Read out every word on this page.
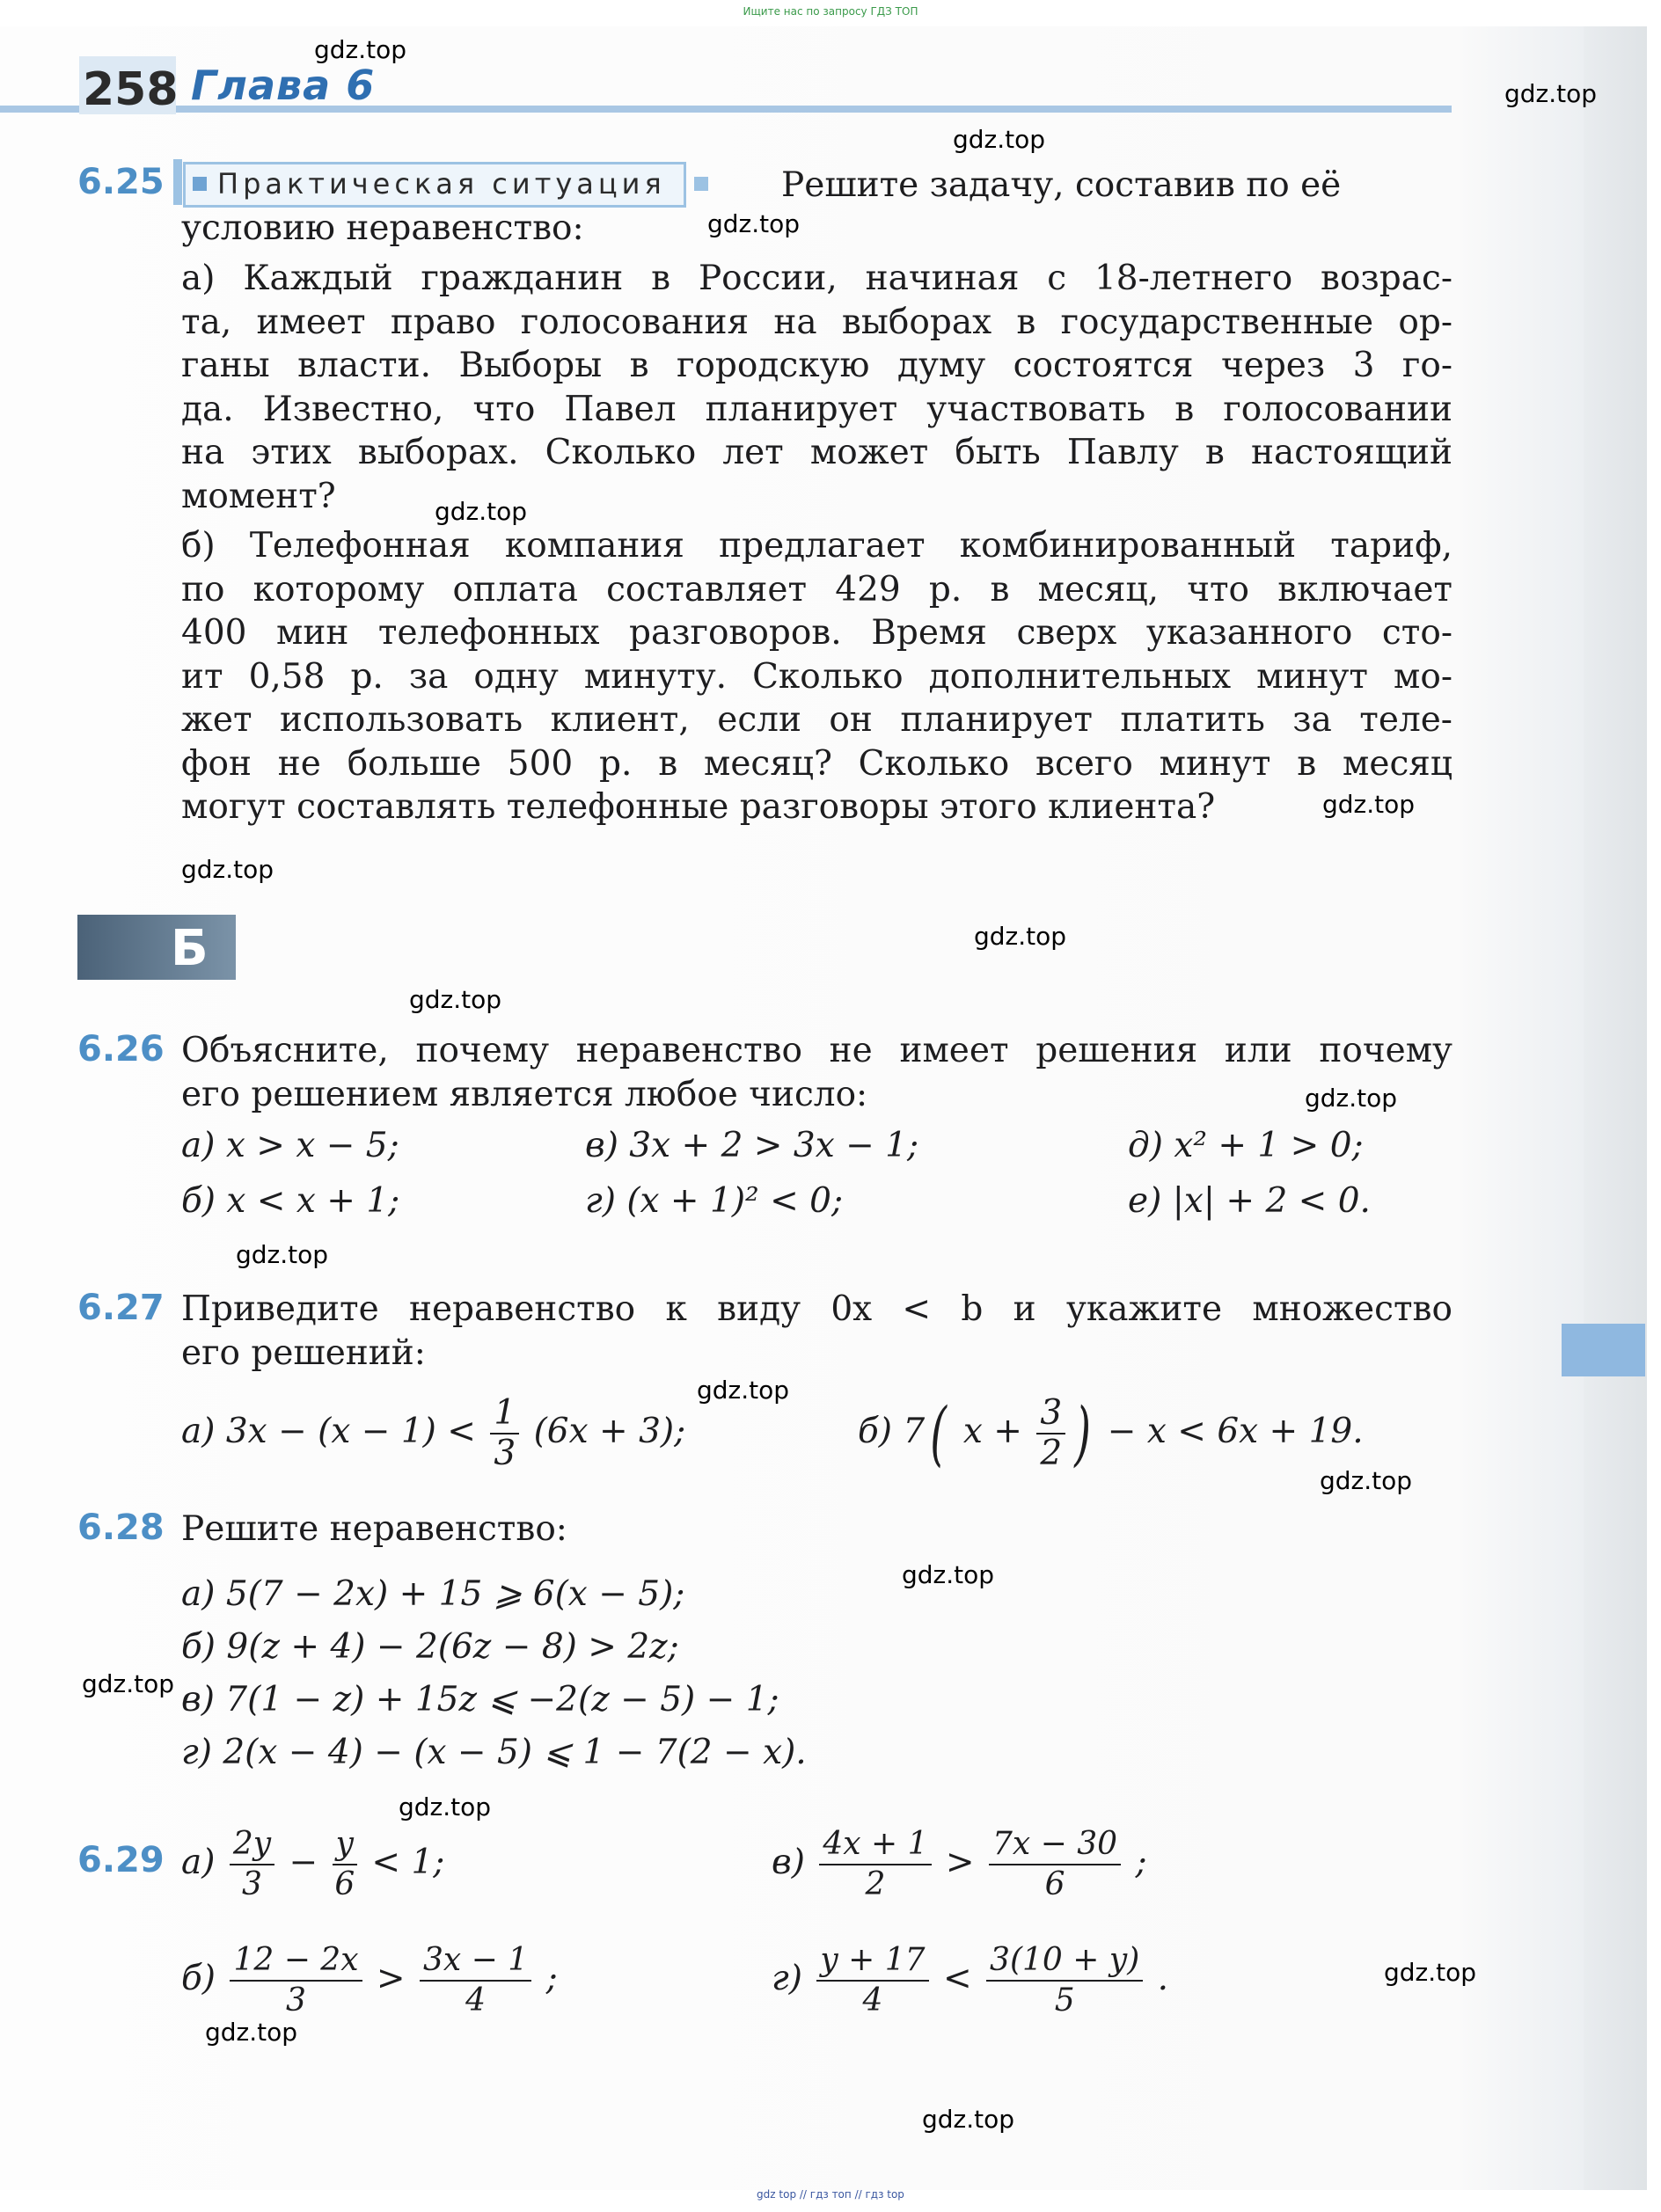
Ищите нас по запросу ГДЗ ТОП
258 Глава 6
gdz.top
gdz.top
gdz.top
gdz.top
gdz.top
gdz.top
gdz.top
gdz.top
gdz.top
gdz.top
gdz.top
gdz.top
gdz.top
gdz.top
gdz.top
gdz.top
gdz.top
gdz.top
gdz.top
6.25	Практическая ситуация	Решите задачу, составив по её
условию неравенство:
а) Каждый гражданин в России, начиная с 18-летнего возрас-
та, имеет право голосования на выборах в государственные ор-
ганы власти. Выборы в городскую думу состоятся через 3 го-
да. Известно, что Павел планирует участвовать в голосовании
на этих выборах. Сколько лет может быть Павлу в настоящий
момент?
б) Телефонная компания предлагает комбинированный тариф,
по которому оплата составляет 429 р. в месяц, что включает
400 мин телефонных разговоров. Время сверх указанного сто-
ит 0,58 р. за одну минуту. Сколько дополнительных минут мо-
жет использовать клиент, если он планирует платить за теле-
фон не больше 500 р. в месяц? Сколько всего минут в месяц
могут составлять телефонные разговоры этого клиента?
Б
6.26 Объясните, почему неравенство не имеет решения или почему
его решением является любое число:
а) x > x − 5;	в) 3x + 2 > 3x − 1;	д) x² + 1 > 0;
б) x < x + 1;	г) (x + 1)² < 0;	е) |x| + 2 < 0.
6.27 Приведите неравенство к виду 0x < b и укажите множество
его решений:
а) $3x - (x - 1) < \frac{1}{3} (6x + 3)$;	б) 7( $x + \frac{3}{2}$ ) − x < 6x + 19.
6.28 Решите неравенство:
а) 5(7 − 2x) + 15 ⩾ 6(x − 5);
б) 9(z + 4) − 2(6z − 8) > 2z;
в) 7(1 − z) + 15z ⩽ −2(z − 5) − 1;
г) 2(x − 4) − (x − 5) ⩽ 1 − 7(2 − x).
6.29 $а) \frac{2y}{3} - \frac{y}{6} < 1$;	$в) \frac{4x + 1}{2} > \frac{7x - 30}{6}$ ;
$б) \frac{12 - 2x}{3} > \frac{3x - 1}{4}$ ;	$г) \frac{y + 17}{4} < \frac{3(10 + y)}{5}$ .
gdz top // гдз топ // гдз top
